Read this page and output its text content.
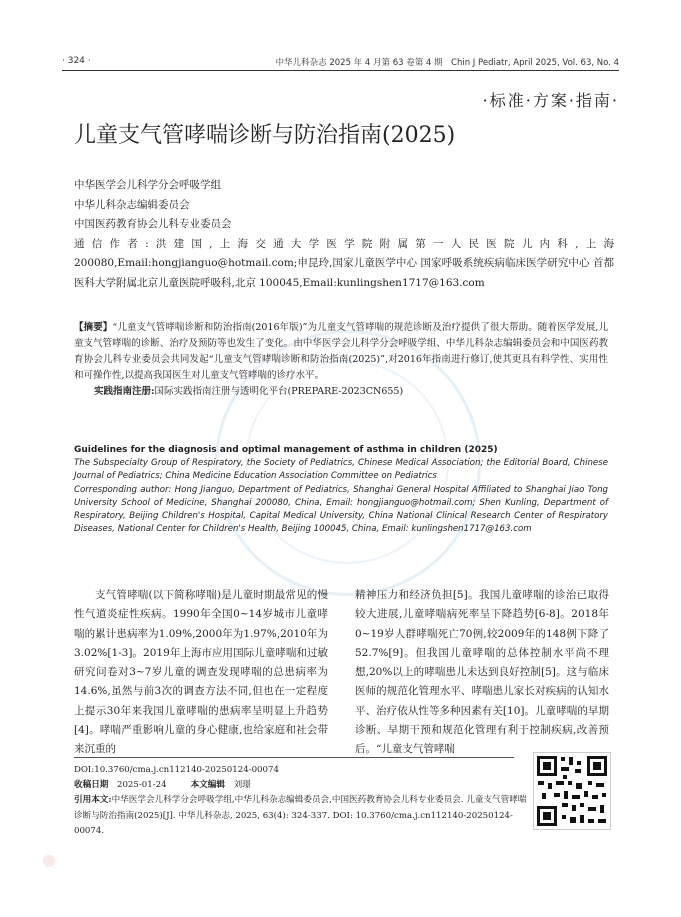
· 324 ·	中华儿科杂志 2025 年 4 月第 63 卷第 4 期　Chin J Pediatr, April 2025, Vol. 63, No. 4
·标准·方案·指南·
儿童支气管哮喘诊断与防治指南(2025)
中华医学会儿科学分会呼吸学组
中华儿科杂志编辑委员会
中国医药教育协会儿科专业委员会
通信作者:洪建国,上海交通大学医学院附属第一人民医院儿内科,上海 200080,Email:hongjianguo@hotmail.com;申昆玲,国家儿童医学中心 国家呼吸系统疾病临床医学研究中心 首都医科大学附属北京儿童医院呼吸科,北京 100045,Email:kunlingshen1717@163.com
【摘要】“儿童支气管哮喘诊断和防治指南(2016年版)”为儿童支气管哮喘的规范诊断及治疗提供了很大帮助。随着医学发展,儿童支气管哮喘的诊断、治疗及预防等也发生了变化。由中华医学会儿科学分会呼吸学组、中华儿科杂志编辑委员会和中国医药教育协会儿科专业委员会共同发起“儿童支气管哮喘诊断和防治指南(2025)”,对2016年指南进行修订,使其更具有科学性、实用性和可操作性,以提高我国医生对儿童支气管哮喘的诊疗水平。
实践指南注册:国际实践指南注册与透明化平台(PREPARE-2023CN655)
Guidelines for the diagnosis and optimal management of asthma in children (2025)
The Subspecialty Group of Respiratory, the Society of Pediatrics, Chinese Medical Association; the Editorial Board, Chinese Journal of Pediatrics; China Medicine Education Association Committee on Pediatrics
Corresponding author: Hong Jianguo, Department of Pediatrics, Shanghai General Hospital Affiliated to Shanghai Jiao Tong University School of Medicine, Shanghai 200080, China, Email: hongjianguo@hotmail.com; Shen Kunling, Department of Respiratory, Beijing Children's Hospital, Capital Medical University, China National Clinical Research Center of Respiratory Diseases, National Center for Children's Health, Beijing 100045, China, Email: kunlingshen1717@163.com
支气管哮喘(以下简称哮喘)是儿童时期最常见的慢性气道炎症性疾病。1990年全国0~14岁城市儿童哮喘的累计患病率为1.09%,2000年为1.97%,2010年为3.02%[1-3]。2019年上海市应用国际儿童哮喘和过敏研究问卷对3~7岁儿童的调查发现哮喘的总患病率为14.6%,虽然与前3次的调查方法不同,但也在一定程度上提示30年来我国儿童哮喘的患病率呈明显上升趋势[4]。哮喘严重影响儿童的身心健康,也给家庭和社会带来沉重的
精神压力和经济负担[5]。我国儿童哮喘的诊治已取得较大进展,儿童哮喘病死率呈下降趋势[6-8]。2018年0~19岁人群哮喘死亡70例,较2009年的148例下降了52.7%[9]。但我国儿童哮喘的总体控制水平尚不理想,20%以上的哮喘患儿未达到良好控制[5]。这与临床医师的规范化管理水平、哮喘患儿家长对疾病的认知水平、治疗依从性等多种因素有关[10]。儿童哮喘的早期诊断、早期干预和规范化管理有利于控制疾病,改善预后。“儿童支气管哮喘
DOI:10.3760/cma.j.cn112140-20250124-00074
收稿日期　 2025-01-24	本文编辑　 刘璟
引用本文:中华医学会儿科学分会呼吸学组,中华儿科杂志编辑委员会,中国医药教育协会儿科专业委员会. 儿童支气管哮喘诊断与防治指南(2025)[J]. 中华儿科杂志, 2025, 63(4): 324-337. DOI: 10.3760/cma.j.cn112140-20250124-00074.
●
